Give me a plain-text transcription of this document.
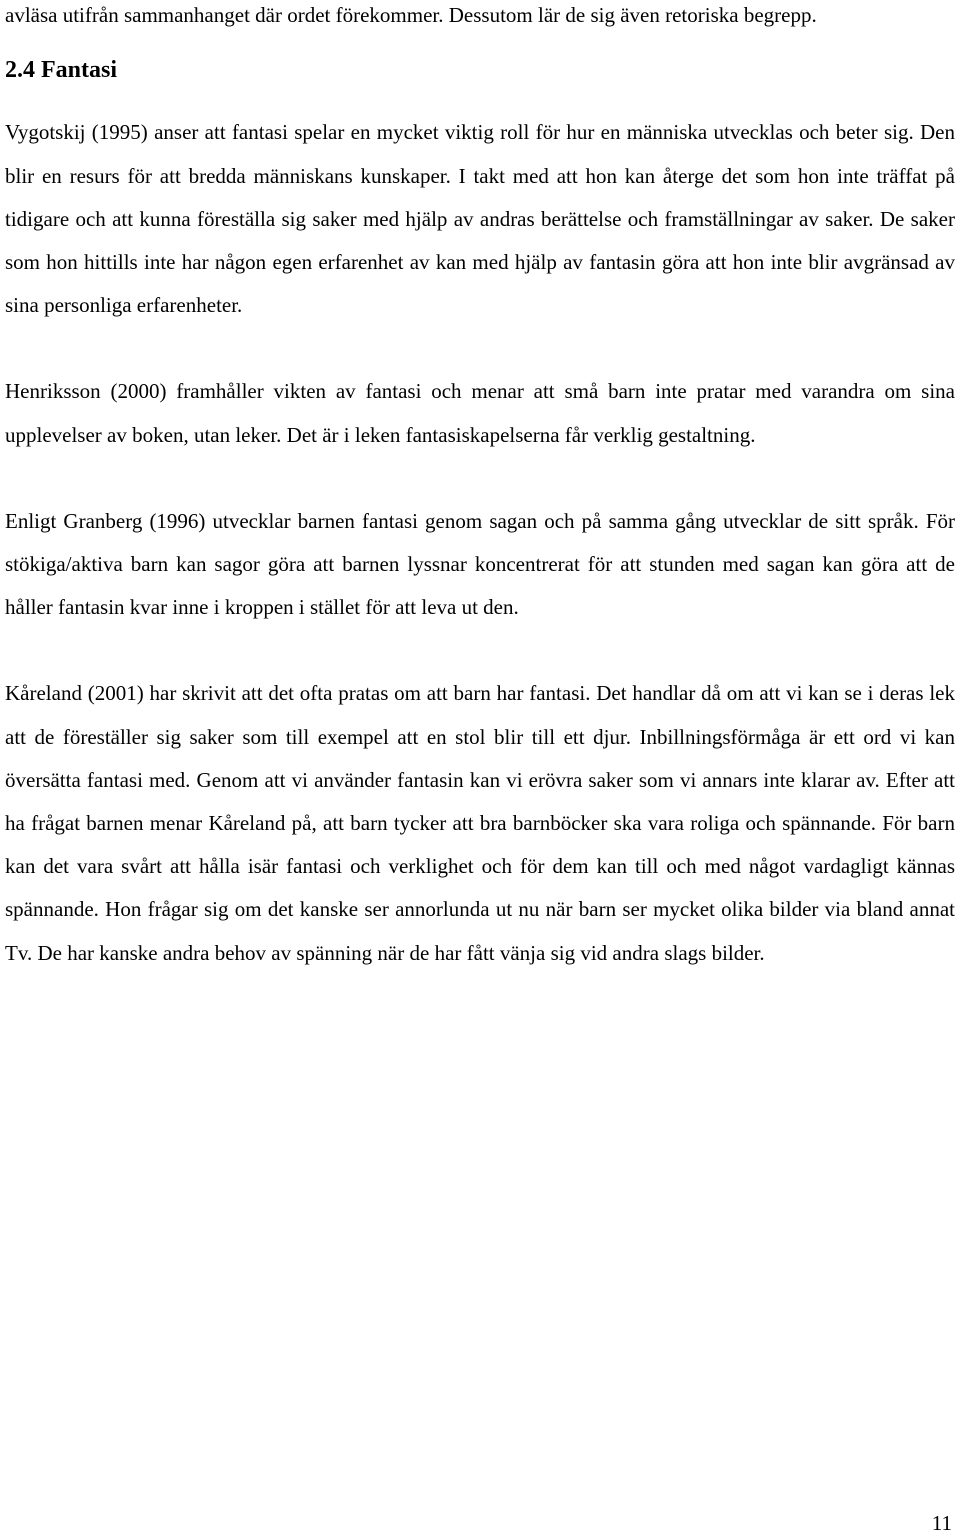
avläsa utifrån sammanhanget där ordet förekommer. Dessutom lär de sig även retoriska begrepp.

2.4 Fantasi

Vygotskij (1995) anser att fantasi spelar en mycket viktig roll för hur en människa utvecklas och beter sig. Den blir en resurs för att bredda människans kunskaper. I takt med att hon kan återge det som hon inte träffat på tidigare och att kunna föreställa sig saker med hjälp av andras berättelse och framställningar av saker. De saker som hon hittills inte har någon egen erfarenhet av kan med hjälp av fantasin göra att hon inte blir avgränsad av sina personliga erfarenheter.

Henriksson (2000) framhåller vikten av fantasi och menar att små barn inte pratar med varandra om sina upplevelser av boken, utan leker. Det är i leken fantasiskapelserna får verklig gestaltning.

Enligt Granberg (1996) utvecklar barnen fantasi genom sagan och på samma gång utvecklar de sitt språk. För stökiga/aktiva barn kan sagor göra att barnen lyssnar koncentrerat för att stunden med sagan kan göra att de håller fantasin kvar inne i kroppen i stället för att leva ut den.

Kåreland (2001) har skrivit att det ofta pratas om att barn har fantasi. Det handlar då om att vi kan se i deras lek att de föreställer sig saker som till exempel att en stol blir till ett djur. Inbillningsförmåga är ett ord vi kan översätta fantasi med. Genom att vi använder fantasin kan vi erövra saker som vi annars inte klarar av. Efter att ha frågat barnen menar Kåreland på, att barn tycker att bra barnböcker ska vara roliga och spännande. För barn kan det vara svårt att hålla isär fantasi och verklighet och för dem kan till och med något vardagligt kännas spännande. Hon frågar sig om det kanske ser annorlunda ut nu när barn ser mycket olika bilder via bland annat Tv. De har kanske andra behov av spänning när de har fått vänja sig vid andra slags bilder.

11
